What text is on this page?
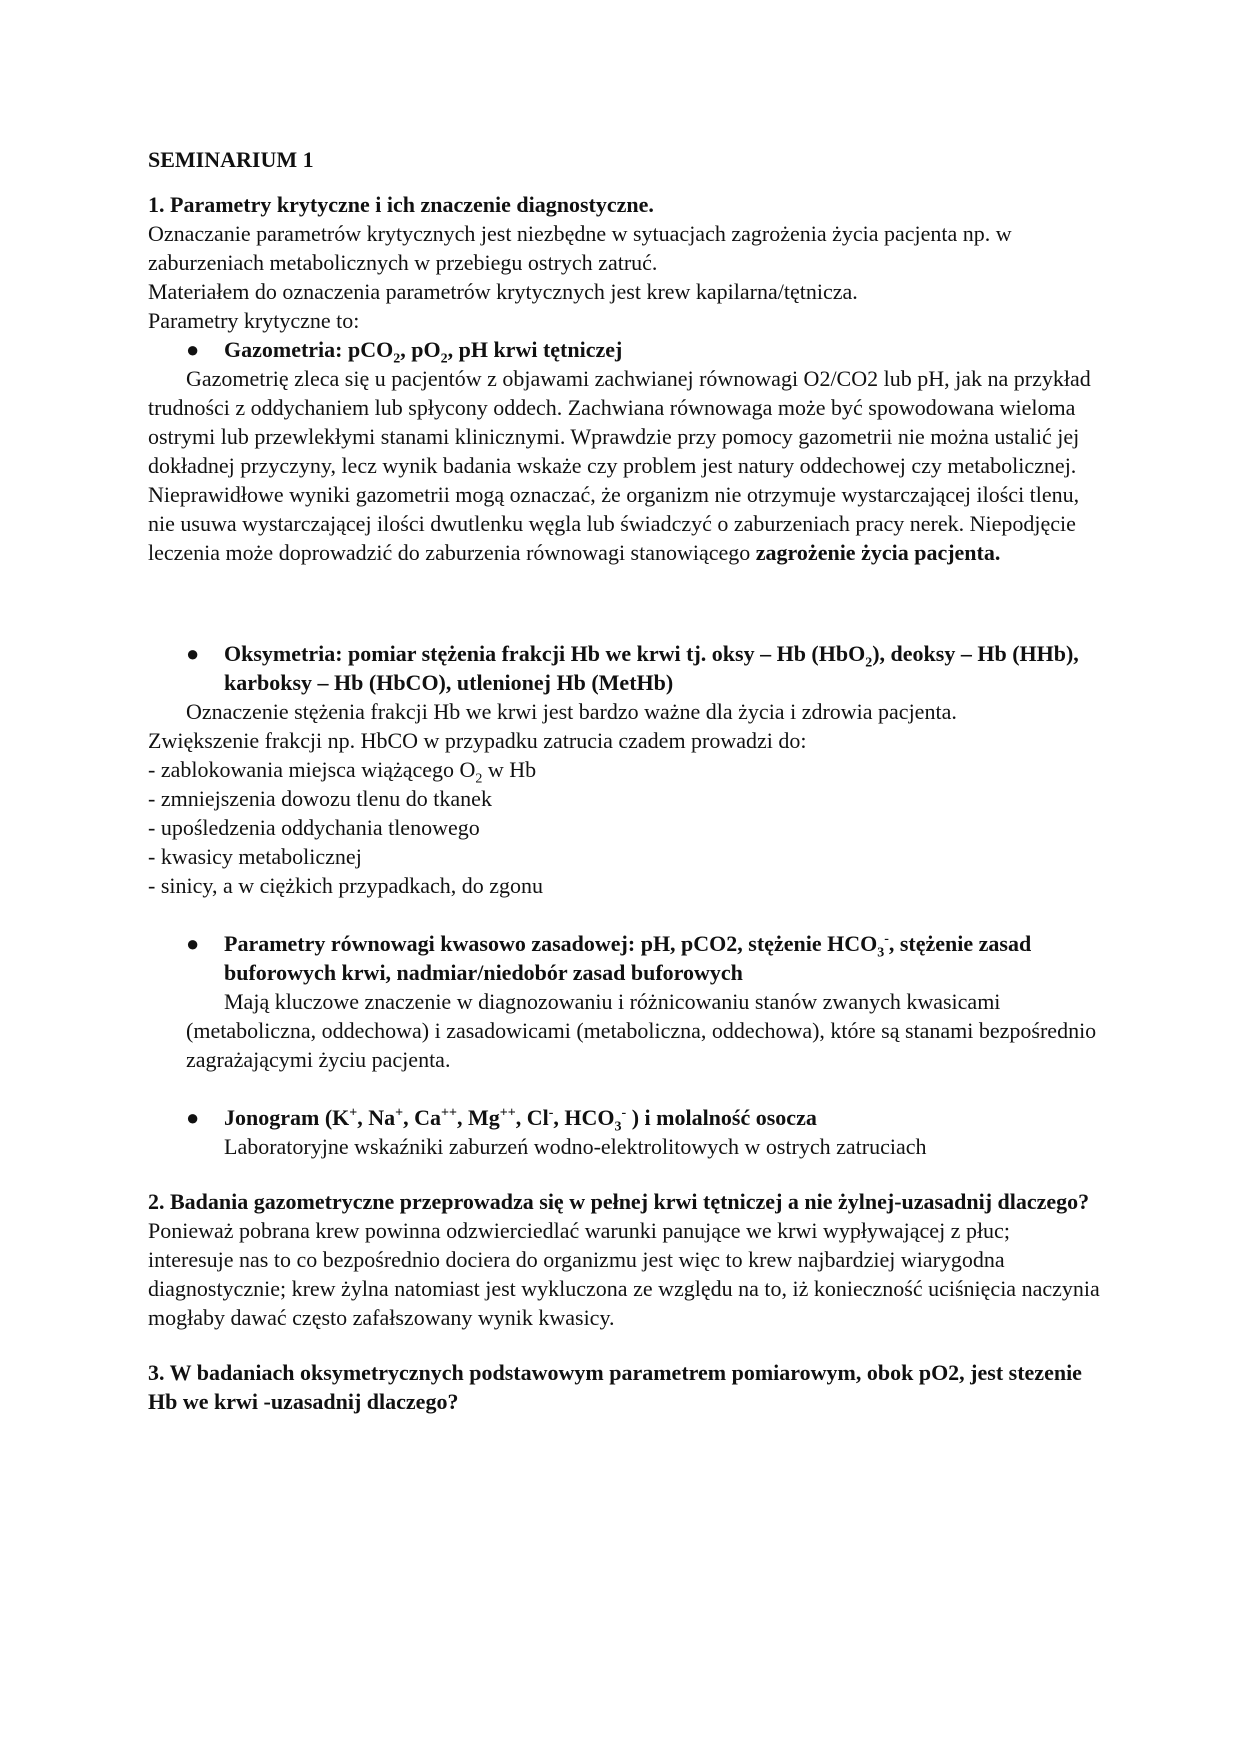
SEMINARIUM 1

1. Parametry krytyczne i ich znaczenie diagnostyczne.

Oznaczanie parametrów krytycznych jest niezbędne w sytuacjach zagrożenia życia pacjenta np. w zaburzeniach metabolicznych w przebiegu ostrych zatruć.

Materiałem do oznaczenia parametrów krytycznych jest krew kapilarna/tętnicza.

Parametry krytyczne to:

● Gazometria: pCO$_2$, $pO_2$, pH krwi tętniczej

Gazometrię zleca się u pacjentów z objawami zachwianej równowagi O2/CO2 lub pH, jak na przykład trudności z oddychaniem lub spłycony oddech. Zachwiana równowaga może być spowodowana wieloma ostrymi lub przewlekłymi stanami klinicznymi. Wprawdzie przy pomocy gazometrii nie można ustalić jej dokładnej przyczyny, lecz wynik badania wskaże czy problem jest natury oddechowej czy metabolicznej.

Nieprawidłowe wyniki gazometrii mogą oznaczać, że organizm nie otrzymuje wystarczającej ilości tlenu, nie usuwa wystarczającej ilości dwutlenku węgla lub świadczyć o zaburzeniach pracy nerek. Niepodjęcie leczenia może doprowadzić do zaburzenia równowagi stanowiącego zagrożenie życia pacjenta.

● Oksymetria: pomiar stężenia frakcji Hb we krwi tj. oksy – Hb (HbO$_2$), deoksy – Hb (HHb), karboksy – Hb (HbCO), utlenionej Hb (MetHb)

Oznaczenie stężenia frakcji Hb we krwi jest bardzo ważne dla życia i zdrowia pacjenta.

Zwiększenie frakcji np. HbCO w przypadku zatrucia czadem prowadzi do:

- zablokowania miejsca wiążącego $O_2$ w Hb
- zmniejszenia dowozu tlenu do tkanek
- upośledzenia oddychania tlenowego
- kwasicy metabolicznej
- sinicy, a w ciężkich przypadkach, do zgonu
● Parametry równowagi kwasowo zasadowej: pH, pCO2, stężenie $HCO_3^-$, stężenie zasad buforowych krwi, nadmiar/niedobór zasad buforowych

Mają kluczowe znaczenie w diagnozowaniu i różnicowaniu stanów zwanych kwasicami (metaboliczna, oddechowa) i zasadowicami (metaboliczna, oddechowa), które są stanami bezpośrednio zagrażającymi życiu pacjenta.

● Jonogram (K+, Na+, Ca++, Mg++, Cl-, $HCO_3^-$ ) i molalność osocza

Laboratoryjne wskaźniki zaburzeń wodno-elektrolitowych w ostrych zatruciach

2. Badania gazometryczne przeprowadza się w pełnej krwi tętniczej a nie żylnej-uzasadnij dlaczego?

Ponieważ pobrana krew powinna odzwierciedlać warunki panujące we krwi wypływającej z płuc; interesuje nas to co bezpośrednio dociera do organizmu jest więc to krew najbardziej wiarygodna diagnostycznie; krew żylna natomiast jest wykluczona ze względu na to, iż konieczność uciśnięcia naczynia mogłaby dawać często zafałszowany wynik kwasicy.

3. W badaniach oksymetrycznych podstawowym parametrem pomiarowym, obok pO2, jest stezenie Hb we krwi -uzasadnij dlaczego?
